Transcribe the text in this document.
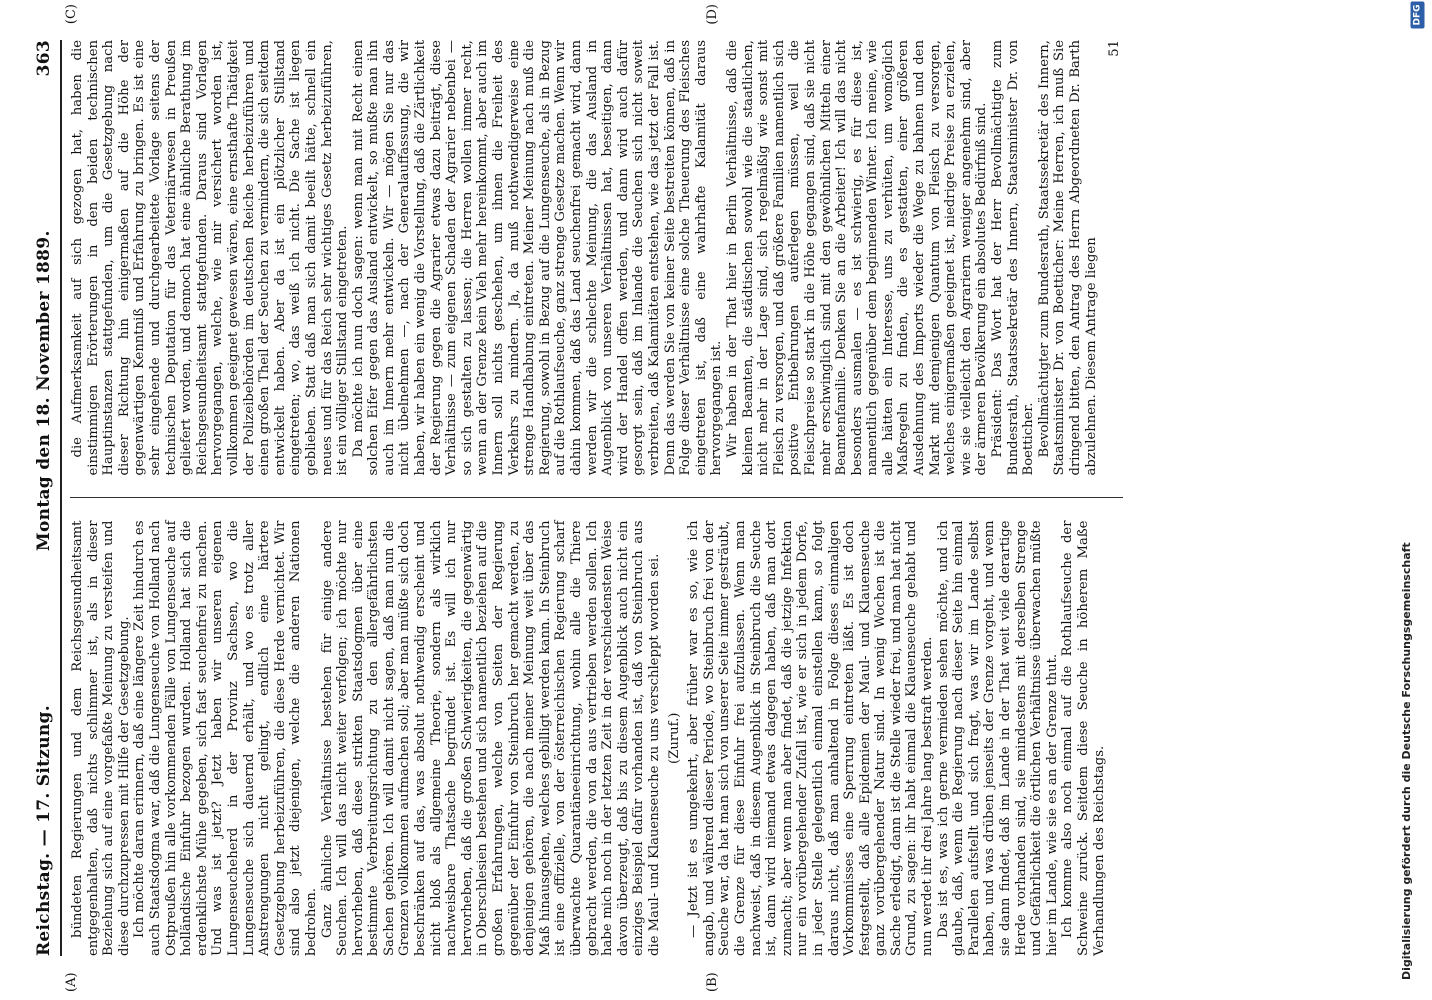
Reichstag. — 17. Sitzung.
Montag den 18. November 1889.
363

bündeten Regierungen und dem Reichsgesundheitsamt entgegenhalten, daß nichts schlimmer ist, als in dieser Beziehung sich auf eine vorgefaßte Meinung zu versteifen und diese durchzupressen mit Hilfe der Gesetzgebung. Ich möchte daran erinnern, daß eine längere Zeit hindurch es auch Staatsdogma war, daß die Lungenseuche von Holland nach Ostpreußen hin alle vorkommenden Fälle von Lungenseuche auf holländische Einfuhr bezogen wurden. Holland hat sich die erdenklichste Mühe gegeben, sich fast seuchenfrei zu machen. Und was ist jetzt? Jetzt haben wir unseren eigenen Lungenseucheherd in der Provinz Sachsen, wo die Lungenseuche sich dauernd erhält, und wo es trotz aller Anstrengungen nicht gelingt, endlich eine härtere Gesetzgebung herbeizuführen, die diese Herde vernichtet. Wir sind also jetzt diejenigen, welche die anderen Nationen bedrohen. Ganz ähnliche Verhältnisse bestehen für einige andere Seuchen. Ich will das nicht weiter verfolgen; ich möchte nur hervorheben, daß diese strikten Staatsdogmen über eine bestimmte Verbreitungsrichtung zu den allergefährlichsten Sachen gehören. Ich will damit nicht sagen, daß man nun die Grenzen vollkommen aufmachen soll; aber man müßte sich doch beschränken auf das, was absolut nothwendig erscheint und nicht bloß als allgemeine Theorie, sondern als wirklich nachweisbare Thatsache begründet ist. Es will ich nur hervorheben, daß die großen Schwierigkeiten, die gegenwärtig in Oberschlesien bestehen und sich namentlich beziehen auf die großen Erfahrungen, welche von Seiten der Regierung gegenüber der Einfuhr von Steinbruch her gemacht werden, zu denjenigen gehören, die nach meiner Meinung weit über das Maß hinausgehen, welches gebilligt werden kann. In Steinbruch ist eine offizielle, von der österreichischen Regierung scharf überwachte Quarantäneeinrichtung, wohin alle die Thiere gebracht werden, die von da aus vertrieben werden sollen. Ich habe mich noch in der letzten Zeit in der verschiedensten Weise davon überzeugt, daß bis zu diesem Augenblick auch nicht ein einziges Beispiel dafür vorhanden ist, daß von Steinbruch aus die Maul- und Klauenseuche zu uns verschleppt worden sei. (Zuruf.) — Jetzt ist es umgekehrt, aber früher war es so, wie ich angab, und während dieser Periode, wo Steinbruch frei von der Seuche war, da hat man sich von unserer Seite immer gesträubt, die Grenze für diese Einfuhr frei aufzulassen. Wenn man nachweist, daß in diesem Augenblick in Steinbruch die Seuche ist, dann wird niemand etwas dagegen haben, daß man dort zumacht; aber wenn man aber findet, daß die jetzige Infektion nur ein vorübergehender Zufall ist, wie er sich in jedem Dorfe, in jeder Stelle gelegentlich einmal einstellen kann, so folgt daraus nicht, daß man anhaltend in Folge dieses einmaligen Vorkommnisses eine Sperrung eintreten läßt. Es ist doch festgestellt, daß alle Epidemien der Maul- und Klauenseuche ganz vorübergehender Natur sind. In wenig Wochen ist die Sache erledigt, dann ist die Stelle wieder frei, und man hat nicht Grund, zu sagen: ihr habt einmal die Klauenseuche gehabt und nun werdet ihr drei Jahre lang bestraft werden. Das ist es, was ich gerne vermieden sehen möchte, und ich glaube, daß, wenn die Regierung nach dieser Seite hin einmal Parallelen aufstellt und sich fragt, was wir im Lande selbst haben, und was drüben jenseits der Grenze vorgeht, und wenn sie dann findet, daß im Lande in der That weit viele derartige Herde vorhanden sind, sie mindestens mit derselben Strenge und Gefährlichkeit die örtlichen Verhältnisse überwachen müßte hier im Lande, wie sie es an der Grenze thut. Ich komme also noch einmal auf die Rothlaufseuche der Schweine zurück. Seitdem diese Seuche in höherem Maße Verhandlungen des Reichstags.

die Aufmerksamkeit auf sich gezogen hat, haben die einstimmigen Erörterungen in den beiden technischen Hauptinstanzen stattgefunden, um die Gesetzgebung nach dieser Richtung hin einigermaßen auf die Höhe der gegenwärtigen Kenntniß und Erfahrung zu bringen. Es ist eine sehr eingehende und durchgearbeitete Vorlage seitens der technischen Deputation für das Veterinärwesen in Preußen geliefert worden, und dennoch hat eine ähnliche Berathung im Reichsgesundheitsamt stattgefunden. Daraus sind Vorlagen hervorgegangen, welche, wie mir versichert worden ist, vollkommen geeignet gewesen wären, eine ernsthafte Thätigkeit der Polizeibehörden im deutschen Reiche herbeizuführen und einen großen Theil der Seuchen zu vermindern, die sich seitdem entwickelt haben. Aber da ist ein plötzlicher Stillstand eingetreten; wo, das weiß ich nicht. Die Sache ist liegen geblieben. Statt daß man sich damit beeilt hätte, schnell ein neues und für das Reich sehr wichtiges Gesetz herbeizuführen, ist ein völliger Stillstand eingetreten. Da möchte ich nun doch sagen: wenn man mit Recht einen solchen Eifer gegen das Ausland entwickelt, so mußte man ihn auch im Innern mehr entwickeln. Wir — mögen Sie nur das nicht übelnehmen —, nach der Generalauffassung, die wir haben, wir haben ein wenig die Vorstellung, daß die Zärtlichkeit der Regierung gegen die Agrarier etwas dazu beiträgt, diese Verhältnisse — zum eigenen Schaden der Agrarier nebenbei — so sich gestalten zu lassen; die Herren wollen immer recht, wenn an der Grenze kein Vieh mehr hereinkommt, aber auch im Innern soll nichts geschehen, um ihnen die Freiheit des Verkehrs zu mindern. Ja, da muß nothwendigerweise eine strenge Handhabung eintreten. Meiner Meinung nach muß die Regierung, sowohl in Bezug auf die Lungenseuche, als in Bezug auf die Rothlaufseuche, ganz strenge Gesetze machen. Wenn wir dahin kommen, daß das Land seuchenfrei gemacht wird, dann werden wir die schlechte Meinung, die das Ausland in Augenblick von unseren Verhältnissen hat, beseitigen, dann wird der Handel offen werden, und dann wird auch dafür gesorgt sein, daß im Inlande die Seuchen sich nicht soweit verbreiten, daß Kalamitäten entstehen, wie das jetzt der Fall ist. Denn das werden Sie von keiner Seite bestreiten können, daß in Folge dieser Verhältnisse eine solche Theuerung des Fleisches eingetreten ist, daß eine wahrhafte Kalamität daraus hervorgegangen ist. Wir haben in der That hier in Berlin Verhältnisse, daß die kleinen Beamten, die städtischen sowohl wie die staatlichen, nicht mehr in der Lage sind, sich regelmäßig wie sonst mit Fleisch zu versorgen, und daß größere Familien namentlich sich positive Entbehrungen auferlegen müssen, weil die Fleischpreise so stark in die Höhe gegangen sind, daß sie nicht mehr erschwinglich sind mit den gewöhnlichen Mitteln einer Beamtenfamilie. Denken Sie an die Arbeiter! Ich will das nicht besonders ausmalen — es ist schwierig, es für diese ist, namentlich gegenüber dem beginnenden Winter. Ich meine, wie alle hätten ein Interesse, uns zu verhüten, um womöglich Maßregeln zu finden, die es gestatten, einer größeren Ausdehnung des Imports wieder die Wege zu bahnen und den Markt mit demjenigen Quantum von Fleisch zu versorgen, welches einigermaßen geeignet ist, niedrige Preise zu erzielen, wie sie vielleicht den Agrariern weniger angenehm sind, aber der ärmeren Bevölkerung ein absolutes Bedürfniß sind. Präsident: Das Wort hat der Herr Bevollmächtigte zum Bundesrath, Staatssekretär des Innern, Staatsminister Dr. von Boetticher. Bevollmächtigter zum Bundesrath, Staatssekretär des Innern, Staatsminister Dr. von Boetticher: Meine Herren, ich muß Sie dringend bitten, den Antrag des Herrn Abgeordneten Dr. Barth abzulehnen. Diesem Antrage liegen

51

(A)	(B)
(C)	(D)
Digitalisierung gefördert durch die Deutsche Forschungsgemeinschaft
DFG
